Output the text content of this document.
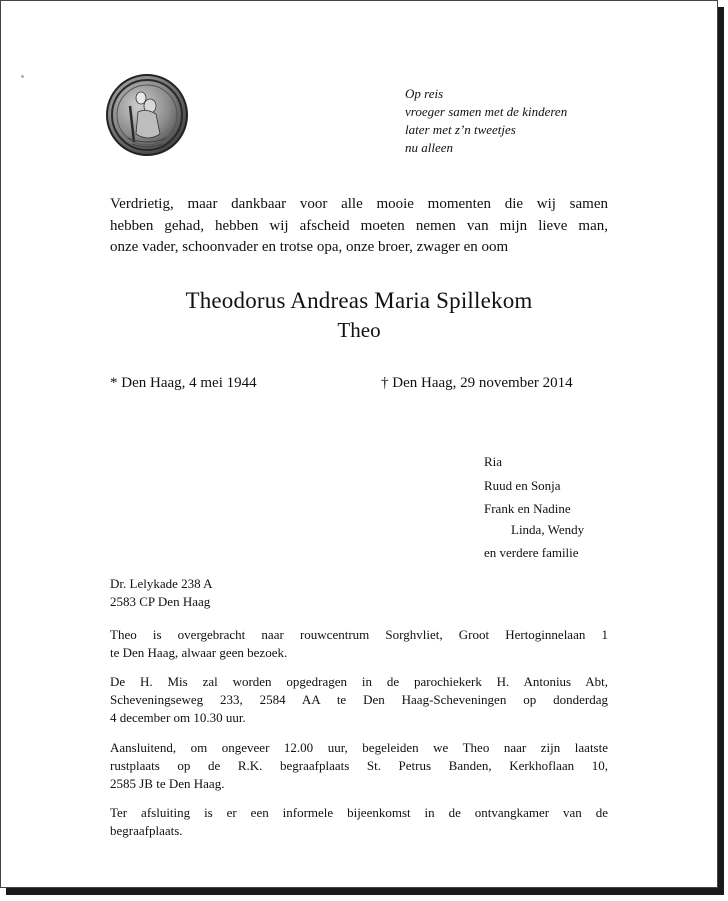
Op reis
vroeger samen met de kinderen
later met z’n tweetjes
nu alleen
Verdrietig, maar dankbaar voor alle mooie momenten die wij samen
hebben gehad, hebben wij afscheid moeten nemen van mijn lieve man,
onze vader, schoonvader en trotse opa, onze broer, zwager en oom
Theodorus Andreas Maria Spillekom
Theo
* Den Haag, 4 mei 1944	† Den Haag, 29 november 2014
Ria
Ruud en Sonja
Frank en Nadine
Linda, Wendy
en verdere familie
Dr. Lelykade 238 A
2583 CP Den Haag
Theo is overgebracht naar rouwcentrum Sorghvliet, Groot Hertoginnelaan 1
te Den Haag, alwaar geen bezoek.
De H. Mis zal worden opgedragen in de parochiekerk H. Antonius Abt,
Scheveningseweg 233, 2584 AA te Den Haag-Scheveningen op donderdag
4 december om 10.30 uur.
Aansluitend, om ongeveer 12.00 uur, begeleiden we Theo naar zijn laatste
rustplaats op de R.K. begraafplaats St. Petrus Banden, Kerkhoflaan 10,
2585 JB te Den Haag.
Ter afsluiting is er een informele bijeenkomst in de ontvangkamer van de
begraafplaats.
